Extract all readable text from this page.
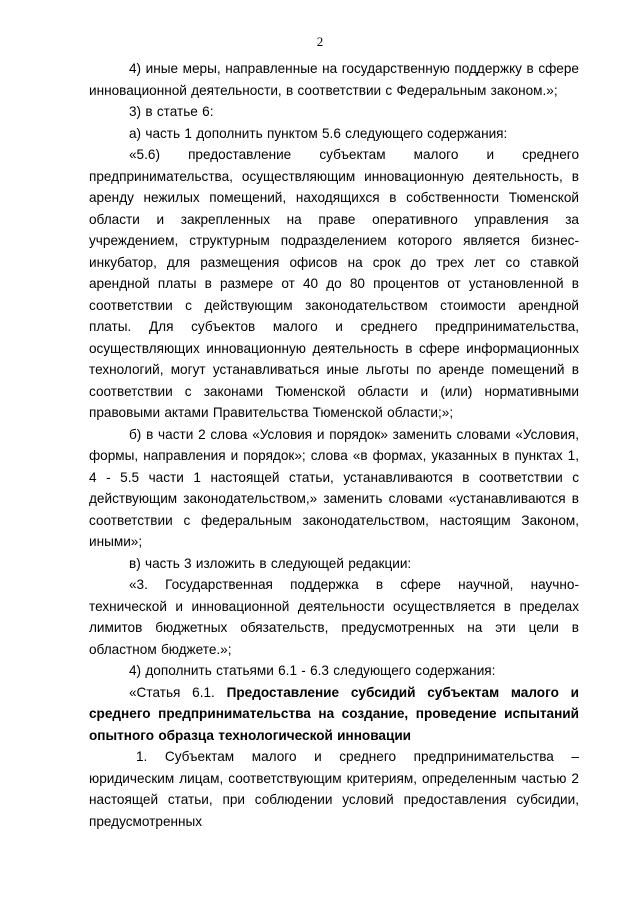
2

4) иные меры, направленные на государственную поддержку в сфере инновационной деятельности, в соответствии с Федеральным законом.»;

3) в статье 6:

а) часть 1 дополнить пунктом 5.6 следующего содержания:

«5.6) предоставление субъектам малого и среднего предпринимательства, осуществляющим инновационную деятельность, в аренду нежилых помещений, находящихся в собственности Тюменской области и закрепленных на праве оперативного управления за учреждением, структурным подразделением которого является бизнес-инкубатор, для размещения офисов на срок до трех лет со ставкой арендной платы в размере от 40 до 80 процентов от установленной в соответствии с действующим законодательством стоимости арендной платы. Для субъектов малого и среднего предпринимательства, осуществляющих инновационную деятельность в сфере информационных технологий, могут устанавливаться иные льготы по аренде помещений в соответствии с законами Тюменской области и (или) нормативными правовыми актами Правительства Тюменской области;»;

б) в части 2 слова «Условия и порядок» заменить словами «Условия, формы, направления и порядок»; слова «в формах, указанных в пунктах 1, 4 - 5.5 части 1 настоящей статьи, устанавливаются в соответствии с действующим законодательством,» заменить словами «устанавливаются в соответствии с федеральным законодательством, настоящим Законом, иными»;

в) часть 3 изложить в следующей редакции:

«3. Государственная поддержка в сфере научной, научно-технической и инновационной деятельности осуществляется в пределах лимитов бюджетных обязательств, предусмотренных на эти цели в областном бюджете.»;

4) дополнить статьями 6.1 - 6.3 следующего содержания:

«Статья 6.1. Предоставление субсидий субъектам малого и среднего предпринимательства на создание, проведение испытаний опытного образца технологической инновации

1. Субъектам малого и среднего предпринимательства – юридическим лицам, соответствующим критериям, определенным частью 2 настоящей статьи, при соблюдении условий предоставления субсидии, предусмотренных
